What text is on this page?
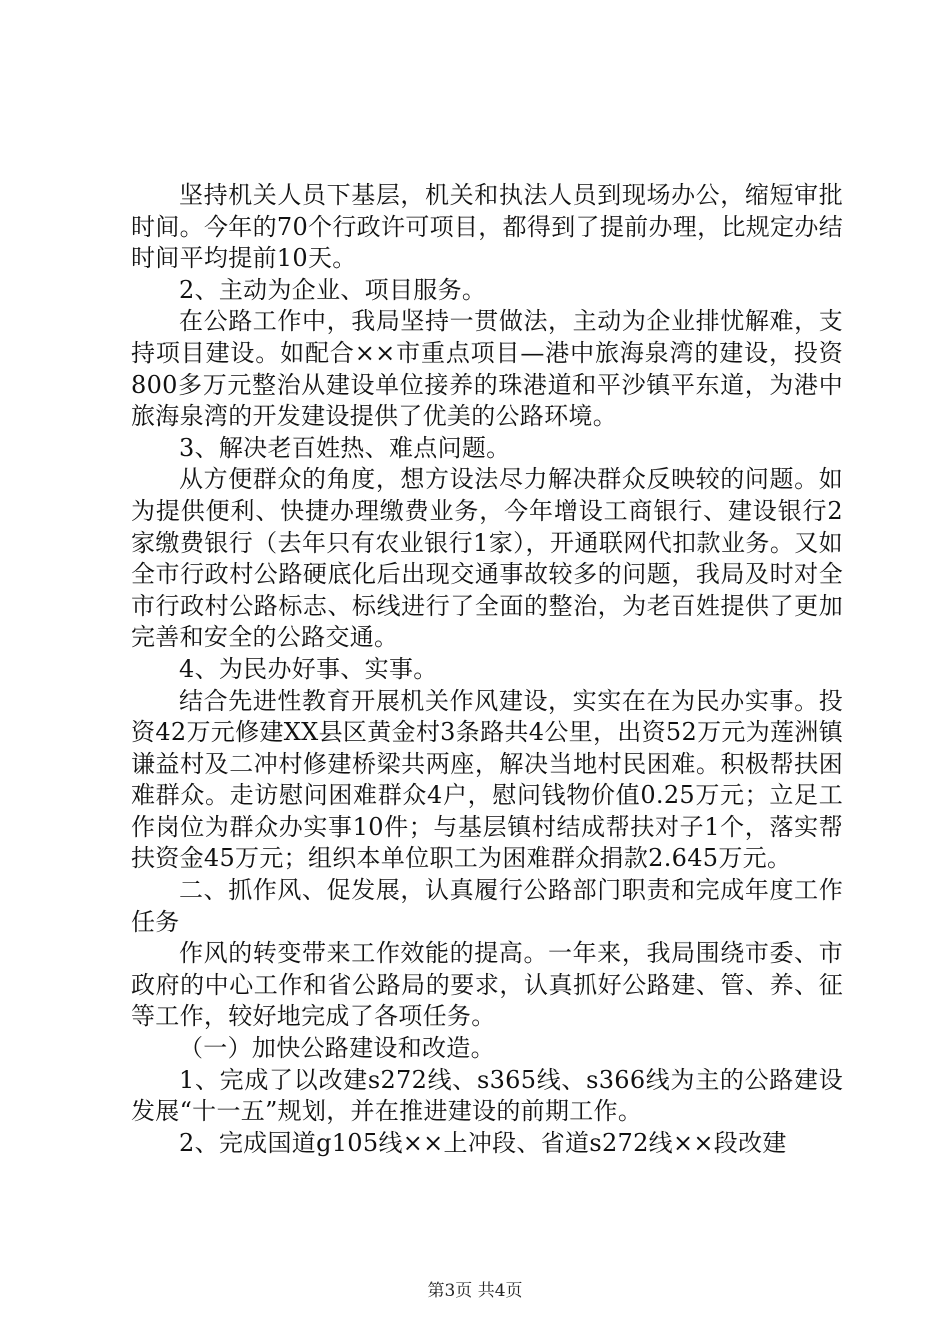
坚持机关人员下基层，机关和执法人员到现场办公，缩短审批时间。今年的70个行政许可项目，都得到了提前办理，比规定办结时间平均提前10天。

2、主动为企业、项目服务。

在公路工作中，我局坚持一贯做法，主动为企业排忧解难，支持项目建设。如配合××市重点项目—港中旅海泉湾的建设，投资800多万元整治从建设单位接养的珠港道和平沙镇平东道，为港中旅海泉湾的开发建设提供了优美的公路环境。

3、解决老百姓热、难点问题。

从方便群众的角度，想方设法尽力解决群众反映较的问题。如为提供便利、快捷办理缴费业务，今年增设工商银行、建设银行2家缴费银行（去年只有农业银行1家），开通联网代扣款业务。又如全市行政村公路硬底化后出现交通事故较多的问题，我局及时对全市行政村公路标志、标线进行了全面的整治，为老百姓提供了更加完善和安全的公路交通。

4、为民办好事、实事。

结合先进性教育开展机关作风建设，实实在在为民办实事。投资42万元修建XX县区黄金村3条路共4公里，出资52万元为莲洲镇谦益村及二冲村修建桥梁共两座，解决当地村民困难。积极帮扶困难群众。走访慰问困难群众4户，慰问钱物价值0.25万元；立足工作岗位为群众办实事10件；与基层镇村结成帮扶对子1个，落实帮扶资金45万元；组织本单位职工为困难群众捐款2.645万元。

二、抓作风、促发展，认真履行公路部门职责和完成年度工作任务

作风的转变带来工作效能的提高。一年来，我局围绕市委、市政府的中心工作和省公路局的要求，认真抓好公路建、管、养、征等工作，较好地完成了各项任务。

（一）加快公路建设和改造。

1、完成了以改建s272线、s365线、s366线为主的公路建设发展“十一五”规划，并在推进建设的前期工作。

2、完成国道g105线××上冲段、省道s272线××段改建

第3页 共4页
